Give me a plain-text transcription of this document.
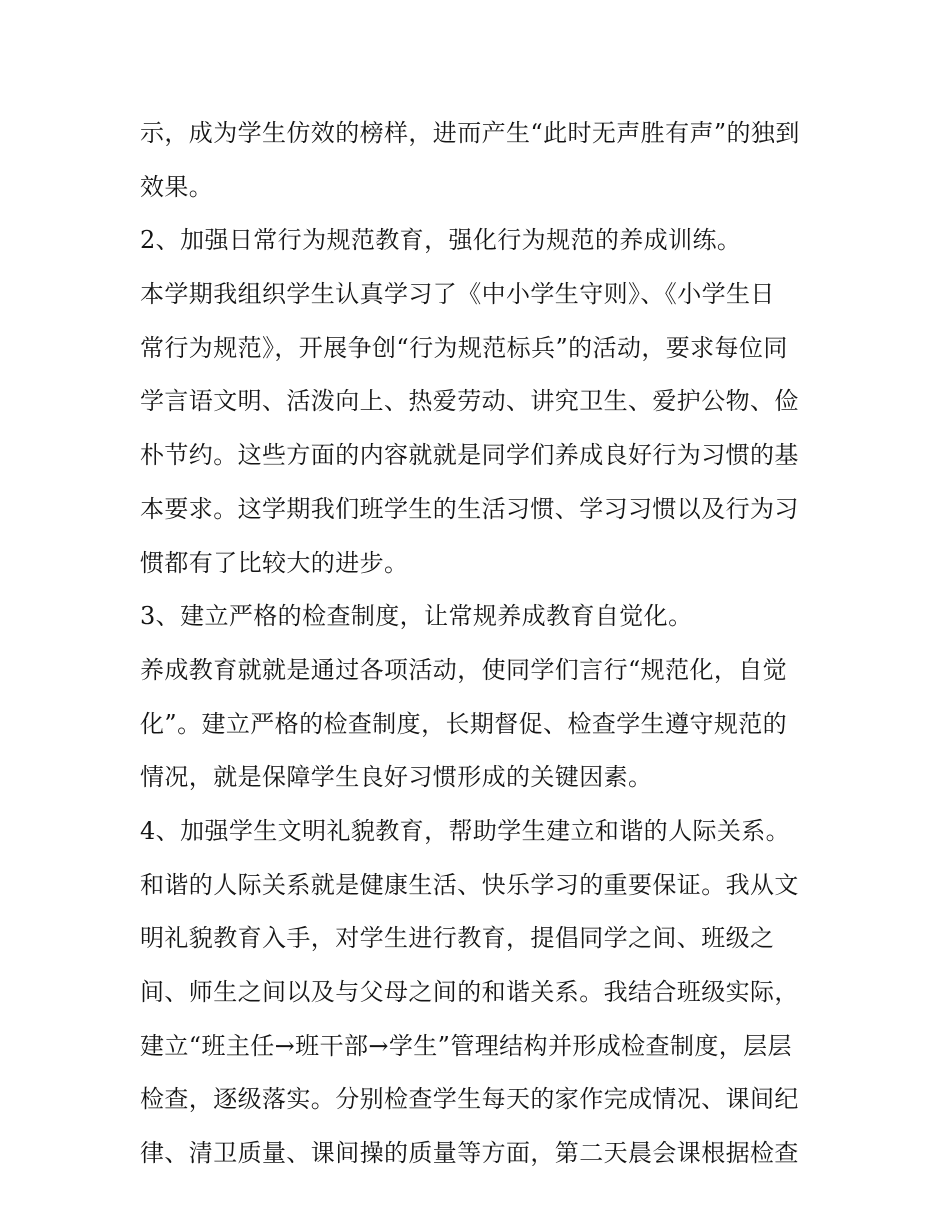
示，成为学生仿效的榜样，进而产生“此时无声胜有声”的独到
效果。
2、加强日常行为规范教育，强化行为规范的养成训练。
本学期我组织学生认真学习了《中小学生守则》、《小学生日
常行为规范》，开展争创“行为规范标兵”的活动，要求每位同
学言语文明、活泼向上、热爱劳动、讲究卫生、爱护公物、俭
朴节约。这些方面的内容就就是同学们养成良好行为习惯的基
本要求。这学期我们班学生的生活习惯、学习习惯以及行为习
惯都有了比较大的进步。
3、建立严格的检查制度，让常规养成教育自觉化。
养成教育就就是通过各项活动，使同学们言行“规范化，自觉
化”。建立严格的检查制度，长期督促、检查学生遵守规范的
情况，就是保障学生良好习惯形成的关键因素。
4、加强学生文明礼貌教育，帮助学生建立和谐的人际关系。
和谐的人际关系就是健康生活、快乐学习的重要保证。我从文
明礼貌教育入手，对学生进行教育，提倡同学之间、班级之
间、师生之间以及与父母之间的和谐关系。我结合班级实际，
建立“班主任→班干部→学生”管理结构并形成检查制度，层层
检查，逐级落实。分别检查学生每天的家作完成情况、课间纪
律、清卫质量、课间操的质量等方面，第二天晨会课根据检查
